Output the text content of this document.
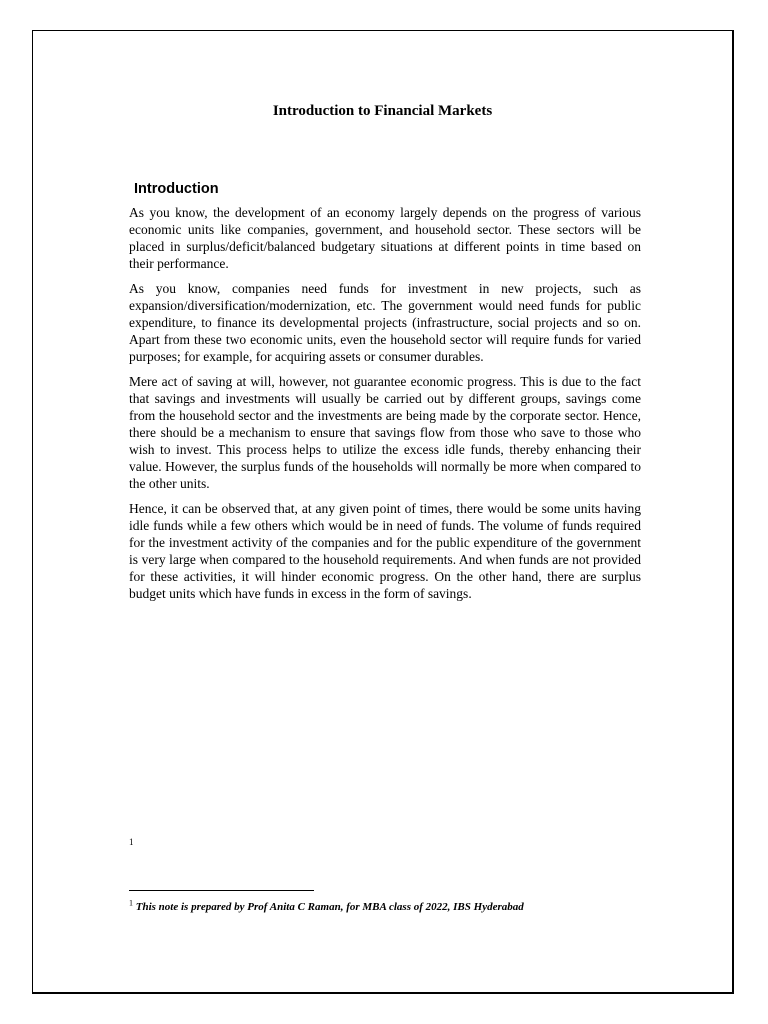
Introduction to Financial Markets
Introduction

As you know, the development of an economy largely depends on the progress of various economic units like companies, government, and household sector. These sectors will be placed in surplus/deficit/balanced budgetary situations at different points in time based on their performance.

As you know, companies need funds for investment in new projects, such as expansion/diversification/modernization, etc. The government would need funds for public expenditure, to finance its developmental projects (infrastructure, social projects and so on. Apart from these two economic units, even the household sector will require funds for varied purposes; for example, for acquiring assets or consumer durables.

Mere act of saving at will, however, not guarantee economic progress. This is due to the fact that savings and investments will usually be carried out by different groups, savings come from the household sector and the investments are being made by the corporate sector. Hence, there should be a mechanism to ensure that savings flow from those who save to those who wish to invest. This process helps to utilize the excess idle funds, thereby enhancing their value. However, the surplus funds of the households will normally be more when compared to the other units.

Hence, it can be observed that, at any given point of times, there would be some units having idle funds while a few others which would be in need of funds. The volume of funds required for the investment activity of the companies and for the public expenditure of the government is very large when compared to the household requirements. And when funds are not provided for these activities, it will hinder economic progress. On the other hand, there are surplus budget units which have funds in excess in the form of savings.

1
$^1$ This note is prepared by Prof Anita C Raman, for MBA class of 2022, IBS Hyderabad
